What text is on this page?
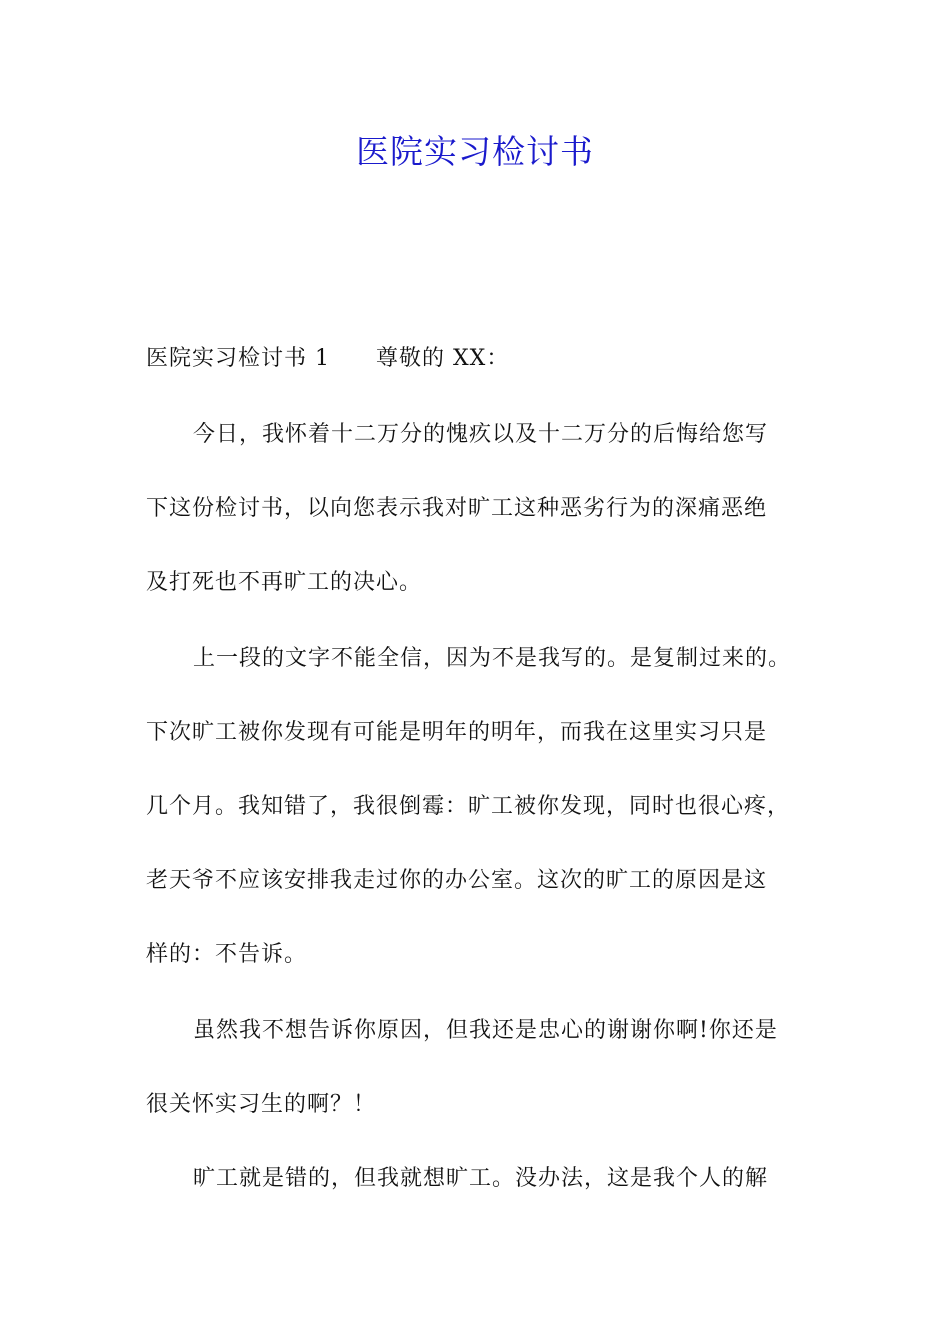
医院实习检讨书
医院实习检讨书 1 尊敬的 XX：
今日，我怀着十二万分的愧疚以及十二万分的后悔给您写
下这份检讨书，以向您表示我对旷工这种恶劣行为的深痛恶绝
及打死也不再旷工的决心。
上一段的文字不能全信，因为不是我写的。是复制过来的。
下次旷工被你发现有可能是明年的明年，而我在这里实习只是
几个月。我知错了，我很倒霉：旷工被你发现，同时也很心疼，
老天爷不应该安排我走过你的办公室。这次的旷工的原因是这
样的：不告诉。
虽然我不想告诉你原因，但我还是忠心的谢谢你啊!你还是
很关怀实习生的啊？！
旷工就是错的，但我就想旷工。没办法，这是我个人的解
